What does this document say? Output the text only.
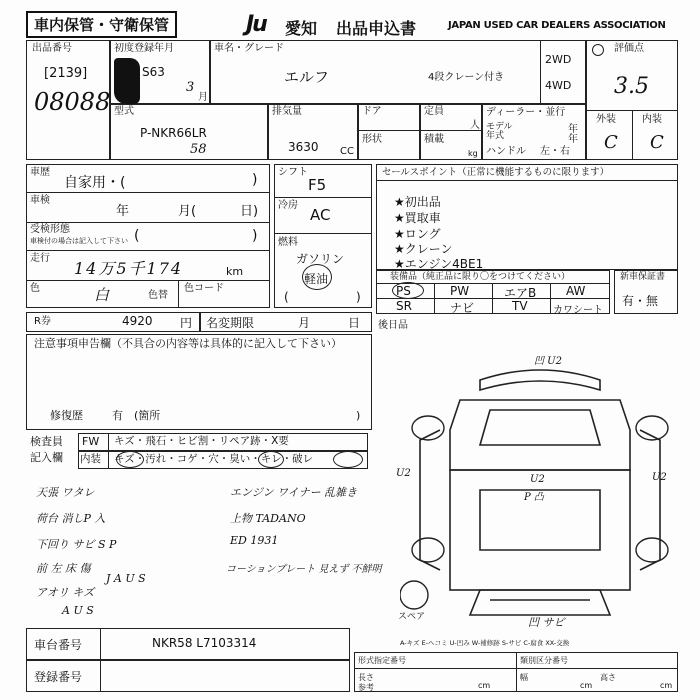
車内保管・守衛保管	Ju 愛知 出品申込書	JAPAN USED CAR DEALERS ASSOCIATION
出品番号
[2139]
08088
初度登録年月
S63
3
月
車名・グレード
エルフ	4段クレーン付き
2WD
4WD
評価点
3.5
外装	内装
C C
型式
P-NKR66LR
58
排気量
3630 CC
ドア
形状
定員
人
積載
kg
ディーラー・並行
モデル	年
年式	年
ハンドル 左・右
車歴
自家用・(	)
車検
年	月(	日)
受検形態
車検付の場合は記入して下さい (	)
走行
14万5千174	km
色	白	色替
色コード
シフト
F5
冷房
AC
燃料
ガソリン
軽油
(	)
セールスポイント（正常に機能するものに限ります）
★初出品
★買取車
★ロング
★クレーン
★エンジン4BE1
装備品（純正品に限り〇をつけてください）
PS	PW	エアB AW
SR	ナビ	TV	カワシート
新車保証書
有・無
R券	4920 円 名変期限	月	日
注意事項申告欄（不具合の内容等は具体的に記入して下さい）
修復歴	有　(箇所	)
後日品
検査員
記入欄
FW キズ・飛石・ヒビ割・リペア跡・X要
内装 キズ・汚れ・コゲ・穴・臭い・キレ・破レ
天張 ワタレ
荷台 消しP 入
下回り サビ S P
前 左 床 傷
アオリ キズ
エンジン ワイナー 乱雑き
上物 TADANO
ED 1931
コーションプレート 見えず 不鮮明
J A U S
A U S
凹 U2
U2	U2
U2
P 凸
スペア	凹 サビ
A-キズ E-ヘコミ U-凹み W-補修跡 S-サビ C-腐食 XX-交換
車台番号	NKR58 L7103314
登録番号
形式指定番号	類別区分番号
長さ
cm
幅
cm
高さ
cm
参考
